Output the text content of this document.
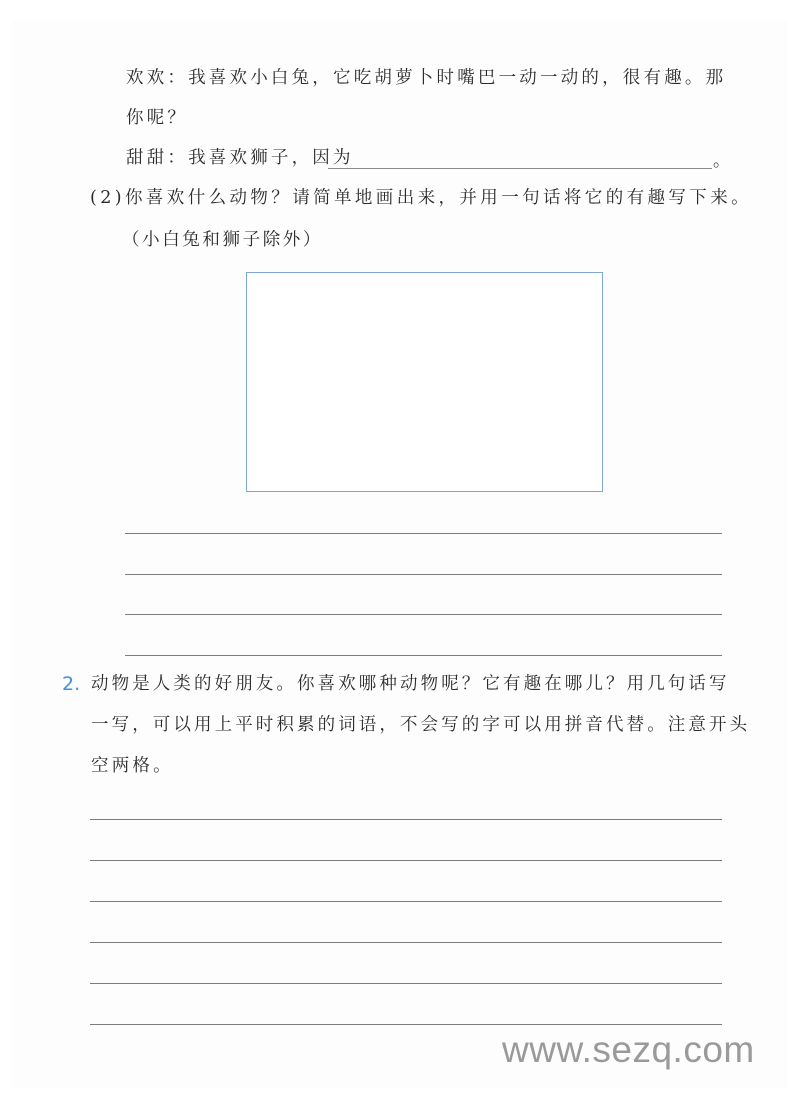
欢欢：我喜欢小白兔，它吃胡萝卜时嘴巴一动一动的，很有趣。那
你呢？
甜甜：我喜欢狮子，因为	。
(2)你喜欢什么动物？请简单地画出来，并用一句话将它的有趣写下来。
（小白兔和狮子除外）
2. 动物是人类的好朋友。你喜欢哪种动物呢？它有趣在哪儿？用几句话写
一写，可以用上平时积累的词语，不会写的字可以用拼音代替。注意开头
空两格。
www.sezq.com
